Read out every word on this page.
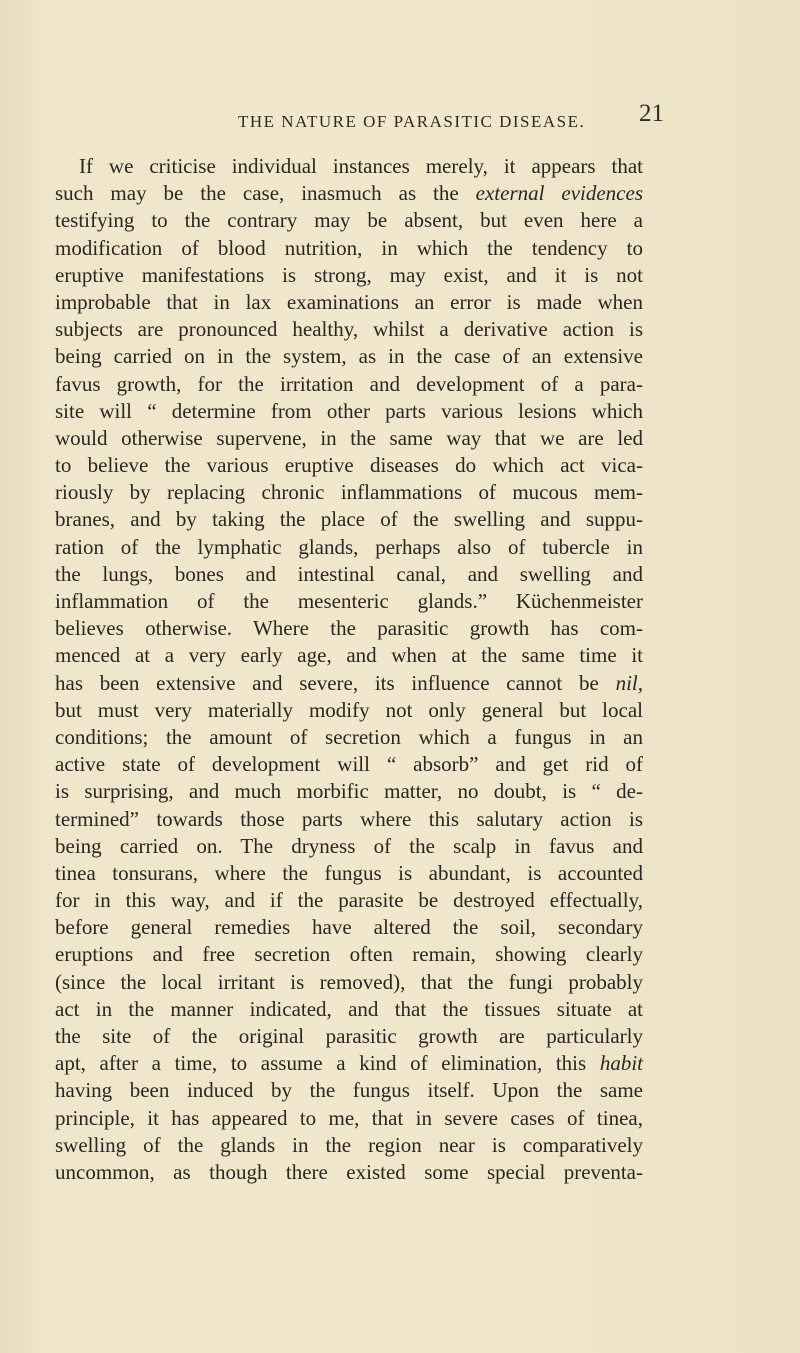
THE NATURE OF PARASITIC DISEASE. 21
If we criticise individual instances merely, it appears that
such may be the case, inasmuch as the external evidences
testifying to the contrary may be absent, but even here a
modification of blood nutrition, in which the tendency to
eruptive manifestations is strong, may exist, and it is not
improbable that in lax examinations an error is made when
subjects are pronounced healthy, whilst a derivative action is
being carried on in the system, as in the case of an extensive
favus growth, for the irritation and development of a para-
site will “ determine from other parts various lesions which
would otherwise supervene, in the same way that we are led
to believe the various eruptive diseases do which act vica-
riously by replacing chronic inflammations of mucous mem-
branes, and by taking the place of the swelling and suppu-
ration of the lymphatic glands, perhaps also of tubercle in
the lungs, bones and intestinal canal, and swelling and
inflammation of the mesenteric glands.” Küchenmeister
believes otherwise. Where the parasitic growth has com-
menced at a very early age, and when at the same time it
has been extensive and severe, its influence cannot be nil,
but must very materially modify not only general but local
conditions; the amount of secretion which a fungus in an
active state of development will “ absorb” and get rid of
is surprising, and much morbific matter, no doubt, is “ de-
termined” towards those parts where this salutary action is
being carried on. The dryness of the scalp in favus and
tinea tonsurans, where the fungus is abundant, is accounted
for in this way, and if the parasite be destroyed effectually,
before general remedies have altered the soil, secondary
eruptions and free secretion often remain, showing clearly
(since the local irritant is removed), that the fungi probably
act in the manner indicated, and that the tissues situate at
the site of the original parasitic growth are particularly
apt, after a time, to assume a kind of elimination, this habit
having been induced by the fungus itself. Upon the same
principle, it has appeared to me, that in severe cases of tinea,
swelling of the glands in the region near is comparatively
uncommon, as though there existed some special preventa-
